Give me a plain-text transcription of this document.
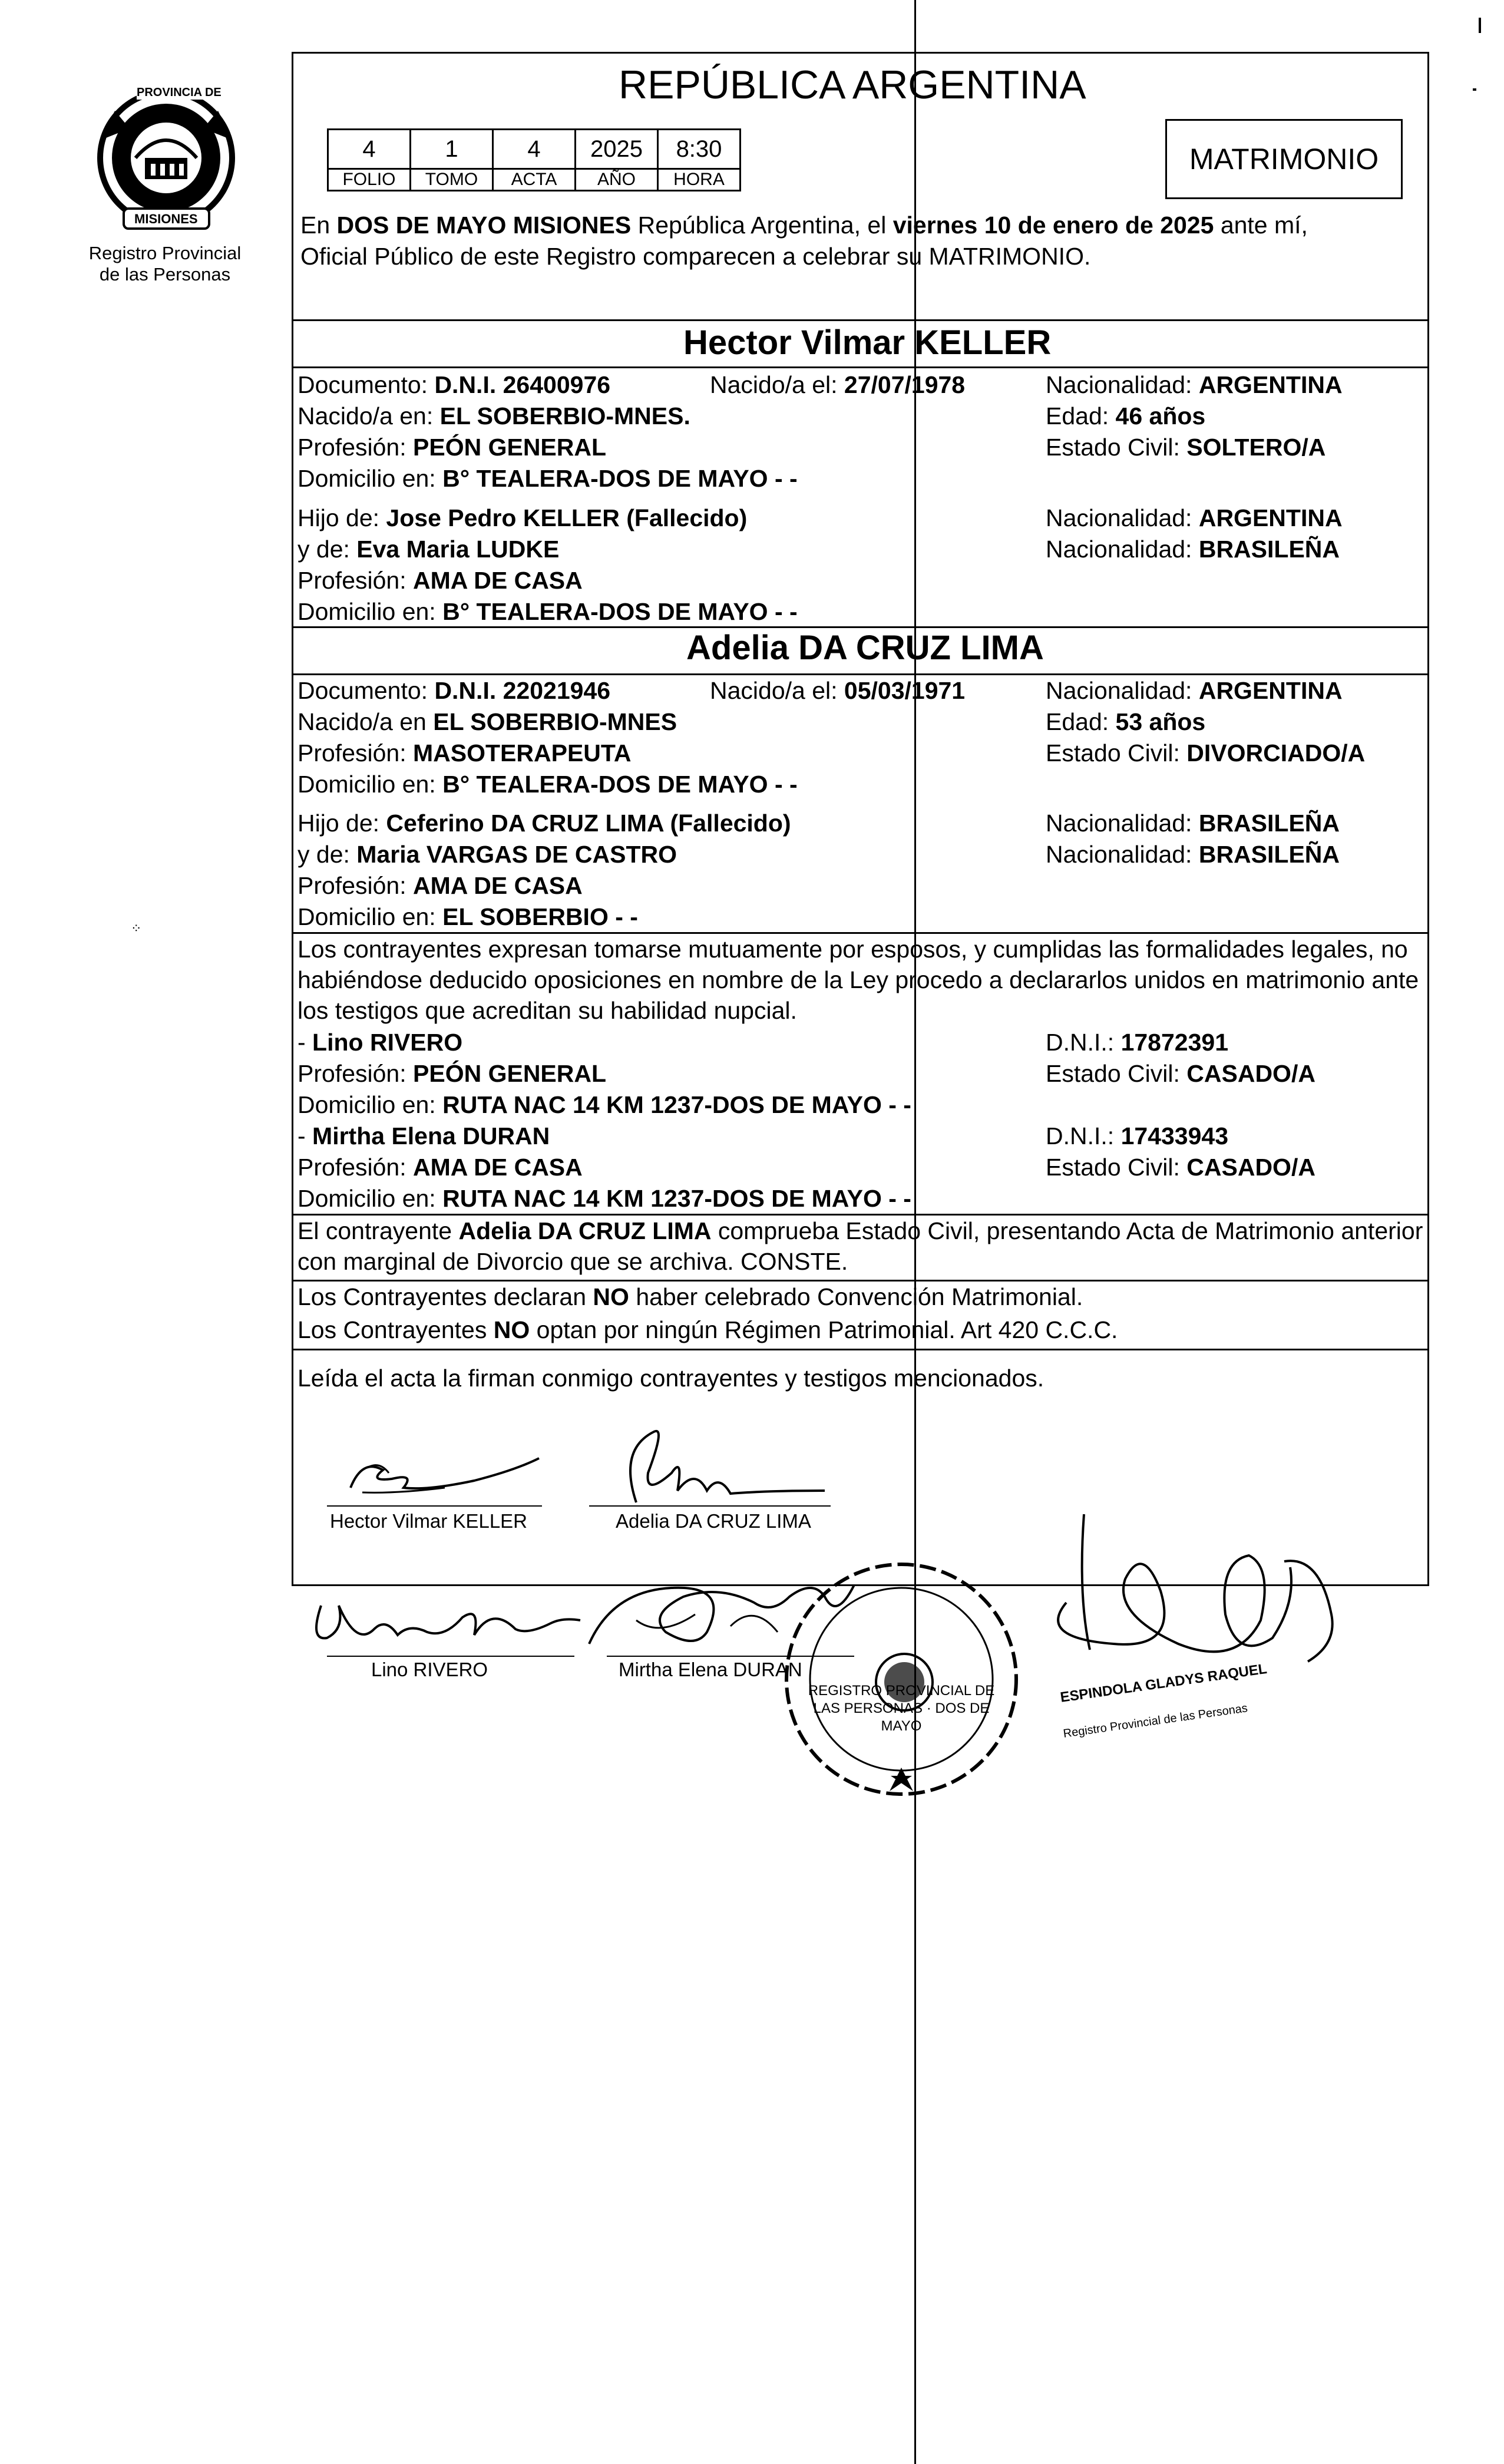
PROVINCIA DE
MISIONES
Registro Provincial
de las Personas
⁘
REPÚBLICA ARGENTINA
4	1	4	2025	8:30
FOLIO	TOMO	ACTA	AÑO	HORA
MATRIMONIO
En DOS DE MAYO MISIONES República Argentina, el viernes 10 de enero de 2025 ante mí,
Oficial Público de este Registro comparecen a celebrar su MATRIMONIO.
Hector Vilmar KELLER
Documento: D.N.I. 26400976	Nacido/a el: 27/07/1978	Nacionalidad: ARGENTINA
Nacido/a en: EL SOBERBIO-MNES.	Edad: 46 años
Profesión: PEÓN GENERAL	Estado Civil: SOLTERO/A
Domicilio en: B° TEALERA-DOS DE MAYO - -
Hijo de: Jose Pedro KELLER (Fallecido)	Nacionalidad: ARGENTINA
y de: Eva Maria LUDKE	Nacionalidad: BRASILEÑA
Profesión: AMA DE CASA
Domicilio en: B° TEALERA-DOS DE MAYO - -
Adelia DA CRUZ LIMA
Documento: D.N.I. 22021946	Nacido/a el: 05/03/1971	Nacionalidad: ARGENTINA
Nacido/a en EL SOBERBIO-MNES	Edad: 53 años
Profesión: MASOTERAPEUTA	Estado Civil: DIVORCIADO/A
Domicilio en: B° TEALERA-DOS DE MAYO - -
Hijo de: Ceferino DA CRUZ LIMA (Fallecido)	Nacionalidad: BRASILEÑA
y de: Maria VARGAS DE CASTRO	Nacionalidad: BRASILEÑA
Profesión: AMA DE CASA
Domicilio en: EL SOBERBIO - -
Los contrayentes expresan tomarse mutuamente por esposos, y cumplidas las formalidades legales, no
habiéndose deducido oposiciones en nombre de la Ley procedo a declararlos unidos en matrimonio ante
los testigos que acreditan su habilidad nupcial.
- Lino RIVERO	D.N.I.: 17872391
Profesión: PEÓN GENERAL	Estado Civil: CASADO/A
Domicilio en: RUTA NAC 14 KM 1237-DOS DE MAYO - -
- Mirtha Elena DURAN	D.N.I.: 17433943
Profesión: AMA DE CASA	Estado Civil: CASADO/A
Domicilio en: RUTA NAC 14 KM 1237-DOS DE MAYO - -
El contrayente Adelia DA CRUZ LIMA comprueba Estado Civil, presentando Acta de Matrimonio anterior
con marginal de Divorcio que se archiva. CONSTE.
Los Contrayentes declaran NO haber celebrado Convención Matrimonial.
Los Contrayentes NO optan por ningún Régimen Patrimonial. Art 420 C.C.C.
Leída el acta la firman conmigo contrayentes y testigos mencionados.
Hector Vilmar KELLER	Adelia DA CRUZ LIMA
Lino RIVERO	Mirtha Elena DURAN
REGISTRO PROVINCIAL DE LAS PERSONAS · DOS DE MAYO
ESPINDOLA GLADYS RAQUEL
Registro Provincial de las Personas
